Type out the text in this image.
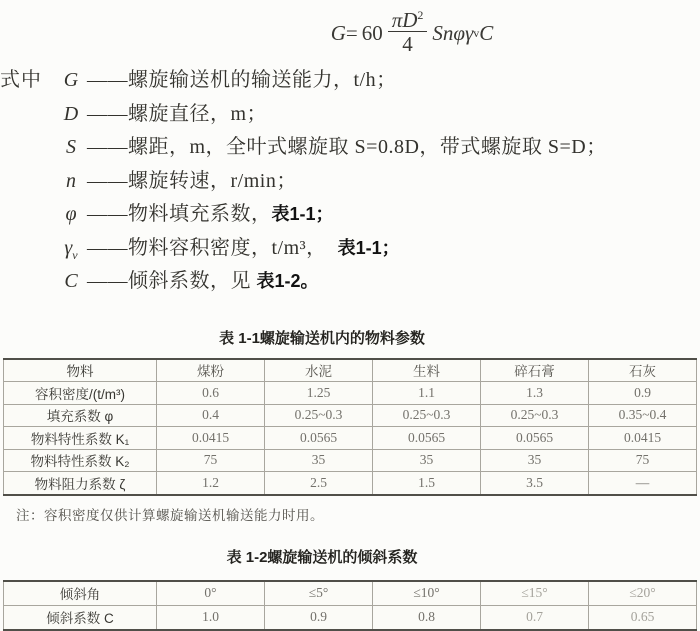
$G = 60 \frac{\pi D^2}{4}$ Snφγ v C
式中	G ——螺旋输送机的输送能力，t/h；
D ——螺旋直径，m；
S ——螺距，m，全叶式螺旋取 S=0.8D，带式螺旋取 S=D；
n ——螺旋转速，r/min；
φ ——物料填充系数， 表1-1；
$\gamma_v$ ——物料容积密度，t/m³， 表1-1；
C ——倾斜系数，见 表1-2。
表 1-1螺旋输送机内的物料参数
物料	煤粉	水泥	生料	碎石膏	石灰
容积密度/(t/m³)	0.6	1.25	1.1	1.3	0.9
填充系数 φ	0.4	0.25~0.3	0.25~0.3	0.25~0.3	0.35~0.4
物料特性系数 K₁	0.0415	0.0565	0.0565	0.0565	0.0415
物料特性系数 K₂	75	35	35	35	75
物料阻力系数 ζ	1.2	2.5	1.5	3.5	—
注：容积密度仅供计算螺旋输送机输送能力时用。
表 1-2螺旋输送机的倾斜系数
倾斜角	0°	≤5°	≤10°	≤15°	≤20°
倾斜系数 C	1.0	0.9	0.8	0.7	0.65
